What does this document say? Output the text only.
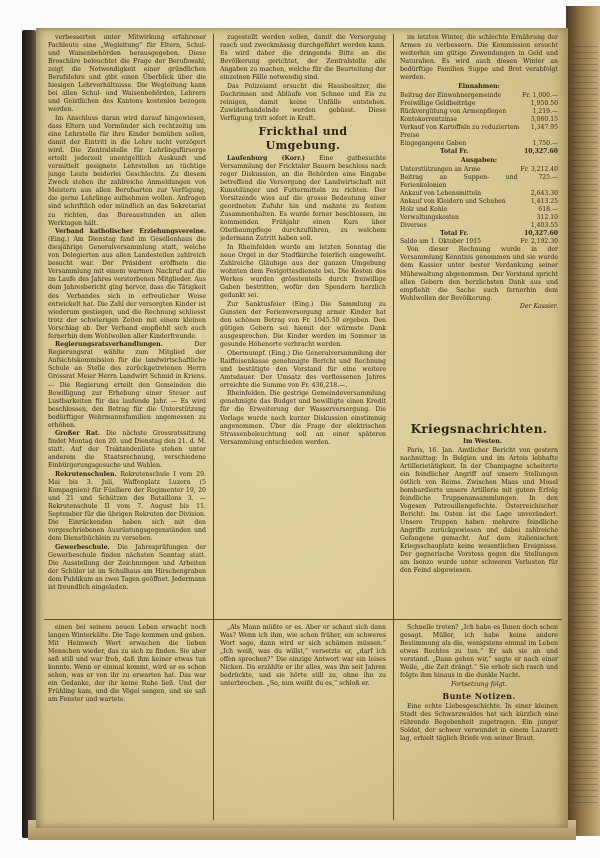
verbesserten unter Mitwirkung erfahrener Fachleute eine „Wegleitung“ für Eltern, Schul- und Waisenbehörden herausgegeben. Diese Broschüre beleuchtet die Frage der Berufswahl, zeigt die Notwendigkeit einer gründlichen Berufslehre und gibt einen Überblick über die hiesigen Lehrverhältnisse. Die Wegleitung kann bei allen Schul- und Waisenbehörden, Lehrern und Geistlichen des Kantons kostenlos bezogen werden.

Im Anschluss daran wird darauf hingewiesen, dass Eltern und Vormünder sich rechtzeitig um eine Lehrstelle für ihre Kinder bemühen sollen, damit der Eintritt in die Lehre nicht verzögert wird. Die Zentralstelle für Lehrlingsfürsorge erteilt jederzeit unentgeltlich Auskunft und vermittelt geeignete Lehrstellen an tüchtige junge Leute beiderlei Geschlechts. Zu diesem Zweck stehen ihr zahlreiche Anmeldungen von Meistern aus allen Berufsarten zur Verfügung, die gerne Lehrlinge aufnehmen wollen. Anfragen sind schriftlich oder mündlich an das Sekretariat zu richten, das Bureaustunden an allen Werktagen hält.

Verband katholischer Erziehungsvereine. (Eing.) Am Dienstag fand im Gesellenhaus die diesjährige Generalversammlung statt, welche von Delegierten aus allen Landesteilen zahlreich besucht war. Der Präsident eröffnete die Versammlung mit einem warmen Nachruf auf die im Laufe des Jahres verstorbenen Mitglieder. Aus dem Jahresbericht ging hervor, dass die Tätigkeit des Verbandes sich in erfreulicher Weise entwickelt hat. Die Zahl der versorgten Kinder ist wiederum gestiegen, und die Rechnung schliesst trotz der schwierigen Zeiten mit einem kleinen Vorschlag ab. Der Verband empfiehlt sich auch fernerhin dem Wohlwollen aller Kinderfreunde.

Regierungsratsverhandlungen.	Der Regierungsrat wählte zum Mitglied der Aufsichtskommission für die landwirtschaftliche Schule an Stelle des zurückgetretenen Herrn Grossrat Meier Herrn Landwirt Schmid in Kriens. — Die Regierung erteilt den Gemeinden die Bewilligung zur Erhebung einer Steuer auf Lustbarkeiten für das laufende Jahr. — Es wird beschlossen, den Betrag für die Unterstützung bedürftiger Wehrmannsfamilien angemessen zu erhöhen.

Großer Rat. Die nächste Grossratssitzung findet Montag den 20. und Dienstag den 21. d. M. statt. Auf der Traktandenliste stehen unter anderem die Staatsrechnung, verschiedene Einbürgerungsgesuche und Wahlen.

Rekrutenschulen. Rekrutenschule I vom 29. Mai bis 3. Juli, Waffenplatz Luzern (5 Kompagnien) für Füsiliere der Regimenter 19, 20 und 21 und Schützen des Bataillons 3. — Rekrutenschule II vom 7. August bis 11. September für die übrigen Rekruten der Division. Die Einrückenden haben sich mit den vorgeschriebenen Ausrüstungsgegenständen und dem Dienstbüchlein zu versehen.

Gewerbeschule. Die Jahresprüfungen der Gewerbeschule finden nächsten Sonntag statt. Die Ausstellung der Zeichnungen und Arbeiten der Schüler ist im Schulhaus am Hirschengraben dem Publikum an zwei Tagen geöffnet. Jedermann ist freundlich eingeladen.

zugestellt werden sollen, damit die Versorgung rasch und zweckmässig durchgeführt werden kann. Es wird daher die dringende Bitte an die Bevölkerung gerichtet, der Zentralstelle alle Angaben zu machen, welche für die Beurteilung der einzelnen Fälle notwendig sind.

Das Polizeiamt ersucht die Hausbesitzer, die Dachrinnen und Abläufe von Schnee und Eis zu reinigen, damit keine Unfälle entstehen. Zuwiderhandelnde werden gebüsst. Diese Verfügung tritt sofort in Kraft.

Frickthal und Umgebung.

Laufenburg (Korr.) Eine gutbesuchte Versammlung der Fricktaler Bauern beschloss nach reger Diskussion, an die Behörden eine Eingabe betreffend die Versorgung der Landwirtschaft mit Kunstdünger und Futtermitteln zu richten. Der Vorsitzende wies auf die grosse Bedeutung einer geordneten Zufuhr hin und mahnte zu festem Zusammenhalten. Es wurde ferner beschlossen, im kommenden Frühjahr einen Kurs über Obstbaumpflege durchzuführen, zu welchem jedermann Zutritt haben soll.

In Rheinfelden wurde am letzten Sonntag die neue Orgel in der Stadtkirche feierlich eingeweiht. Zahlreiche Gläubige aus der ganzen Umgebung wohnten dem Festgottesdienste bei. Die Kosten des Werkes wurden grösstenteils durch freiwillige Gaben bestritten, wofür den Spendern herzlich gedankt sei.

Zur Sanktusfeier (Eing.) Die Sammlung zu Gunsten der Ferienversorgung armer Kinder hat den schönen Betrag von Fr. 1045.50 ergeben. Den gütigen Gebern sei hiemit der wärmste Dank ausgesprochen. Die Kinder werden im Sommer in gesunde Höhenorte verbracht werden.

Obermumpf. (Eing.) Die Generalversammlung der Raiffeisenkasse genehmigte Bericht und Rechnung und bestätigte den Vorstand für eine weitere Amtsdauer. Der Umsatz des verflossenen Jahres erreichte die Summe von Fr. 436,218.—.

Rheinfelden. Die gestrige Gemeindeversammlung genehmigte das Budget und bewilligte einen Kredit für die Erweiterung der Wasserversorgung. Die Vorlage wurde nach kurzer Diskussion einstimmig angenommen. Über die Frage der elektrischen Strassenbeleuchtung soll an einer späteren Versammlung entschieden werden.

im letzten Winter, die schlechte Ernährung der Armen zu verbessern. Die Kommission ersucht weiterhin um gütige Zuwendungen in Geld und Naturalien. Es wird auch diesen Winter an bedürftige Familien Suppe und Brot verabfolgt werden.

Einnahmen:
Beitrag der Einwohnergemeinde	Fr. 1,000.—
Freiwillige Geldbeiträge	1,950.50
Rückvergütung von Armenpflegen	1,219.—
Kontokorrentzinse	3,060.15
Verkauf von Kartoffeln zu reduziertem Preise	1,347.95
Eingegangene Gaben	1,750.—
Total Fr.	10,327.60
Ausgaben:
Unterstützungen an Arme	Fr. 3,212.40
Beitrag an Suppen- und Ferienkolonien	725.—
Ankauf von Lebensmitteln	2,643.30
Ankauf von Kleidern und Schuhen	1,413.25
Holz und Kohle	618.—
Verwaltungskosten	312.10
Diverses	1,403.55
Total Fr.	10,327.60
Saldo am 1. Oktober 1915	Fr. 2,192.30

Von dieser Rechnung wurde in der Versammlung Kenntnis genommen und sie wurde dem Kassier unter bester Verdankung seiner Mühewaltung abgenommen. Der Vorstand spricht allen Gebern den herzlichsten Dank aus und empfiehlt die Sache auch fernerhin dem Wohlwollen der Bevölkerung.

Der Kassier.

Kriegsnachrichten.

Im Westen.

Paris, 16. Jan. Amtlicher Bericht von gestern nachmittag: In Belgien und im Artois lebhafte Artillerietätigkeit. In der Champagne scheiterte ein feindlicher Angriff auf unsere Stellungen östlich von Reims. Zwischen Maas und Mosel bombardierte unsere Artillerie mit gutem Erfolg feindliche Truppenansammlungen. In den Vogesen Patrouillengefechte. Österreichischer Bericht: Im Osten ist die Lage unverändert. Unsere Truppen haben mehrere feindliche Angriffe zurückgewiesen und dabei zahlreiche Gefangene gemacht. Auf dem italienischen Kriegsschauplatz keine wesentlichen Ereignisse. Der gegnerische Vorstoss gegen die Stellungen am Isonzo wurde unter schweren Verlusten für den Feind abgewiesen.

einen bei seinem neuen Leben erwacht noch langen Winterkälte. Die Tage kommen und gehen. Mit Heimweh Wort erwachen die lieben Menschen wieder, das zu sich zu finden. Sie aber saß still und war froh, daß ihm keiner etwas tun konnte. Wenn er einmal kommt, wird er es schon sehen, was er von ihr zu erwarten hat. Das war ein Gedanke, der ihr keine Ruhe ließ. Und der Frühling kam, und die Vögel sangen, und sie saß am Fenster und wartete.

„Als Mann müßte er es. Aber er schaut sich dann Was? Wenn ich ihm, wie schon früher, ein schweres Wort sage, dann wird er sich schämen müssen.“ „Ich weiß, was du willst,“ versetzte er, „darf ich offen sprechen?“ Die einzige Antwort war ein leises Nicken. Da erzählte er ihr alles, was ihn seit Jahren bedrückte, und sie hörte still zu, ohne ihn zu unterbrechen. „So, nun weißt du es,“ schloß er.

Schnelle treten? „Ich habe es Ihnen doch schon gesagt. Müller, ich habe keine andere Bestimmung als die, wenigstens einmal im Leben etwas Rechtes zu tun.“ Er sah sie an und verstand. „Dann gehen wir,“ sagte er nach einer Weile, „die Zeit drängt.“ Sie erhob sich rasch und folgte ihm hinaus in die dunkle Nacht.

Fortsetzung folgt.

Bunte Notizen.

Eine echte Liebesgeschichte. In einer kleinen Stadt des Schwarzwaldes hat sich kürzlich eine rührende Begebenheit zugetragen. Ein junger Soldat, der schwer verwundet in einem Lazarett lag, erhielt täglich Briefe von seiner Braut.
